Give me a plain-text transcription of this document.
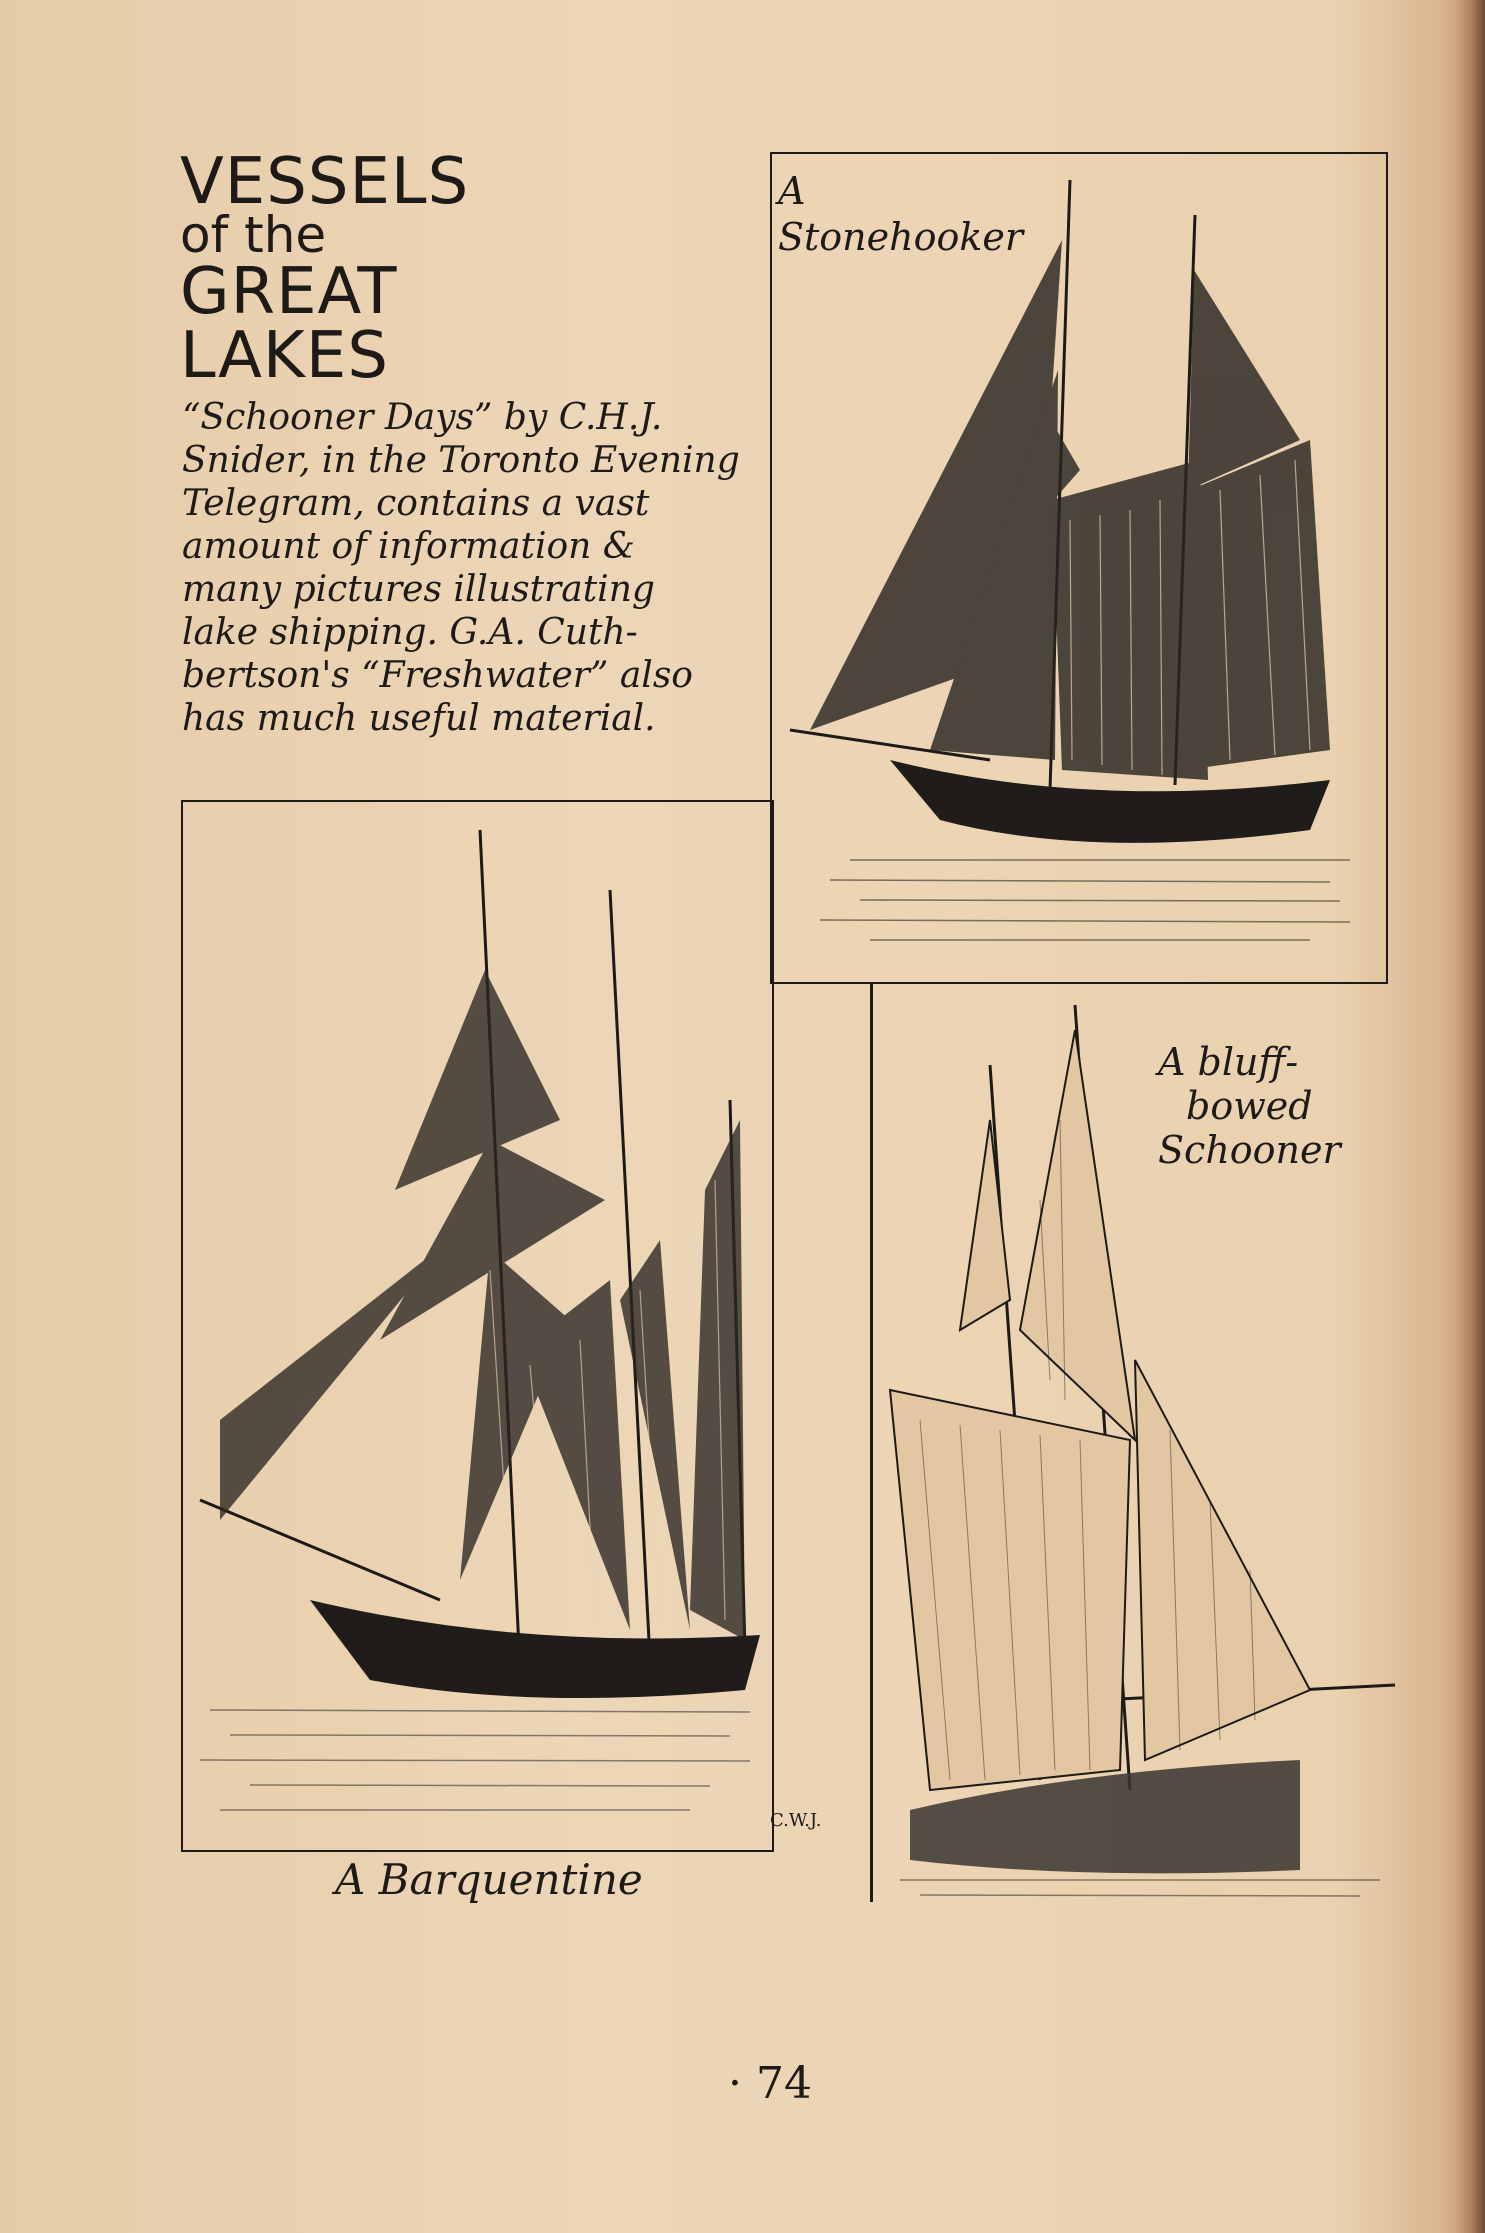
VESSELS
of the
GREAT
LAKES

“Schooner Days” by C.H.J.
Snider, in the Toronto Evening
Telegram, contains a vast
amount of information &
many pictures illustrating
lake shipping. G.A. Cuth-
bertson's “Freshwater” also
has much useful material.

A
Stonehooker
C.W.J.
A Barquentine
A bluff-
bowed
Schooner
· 74
